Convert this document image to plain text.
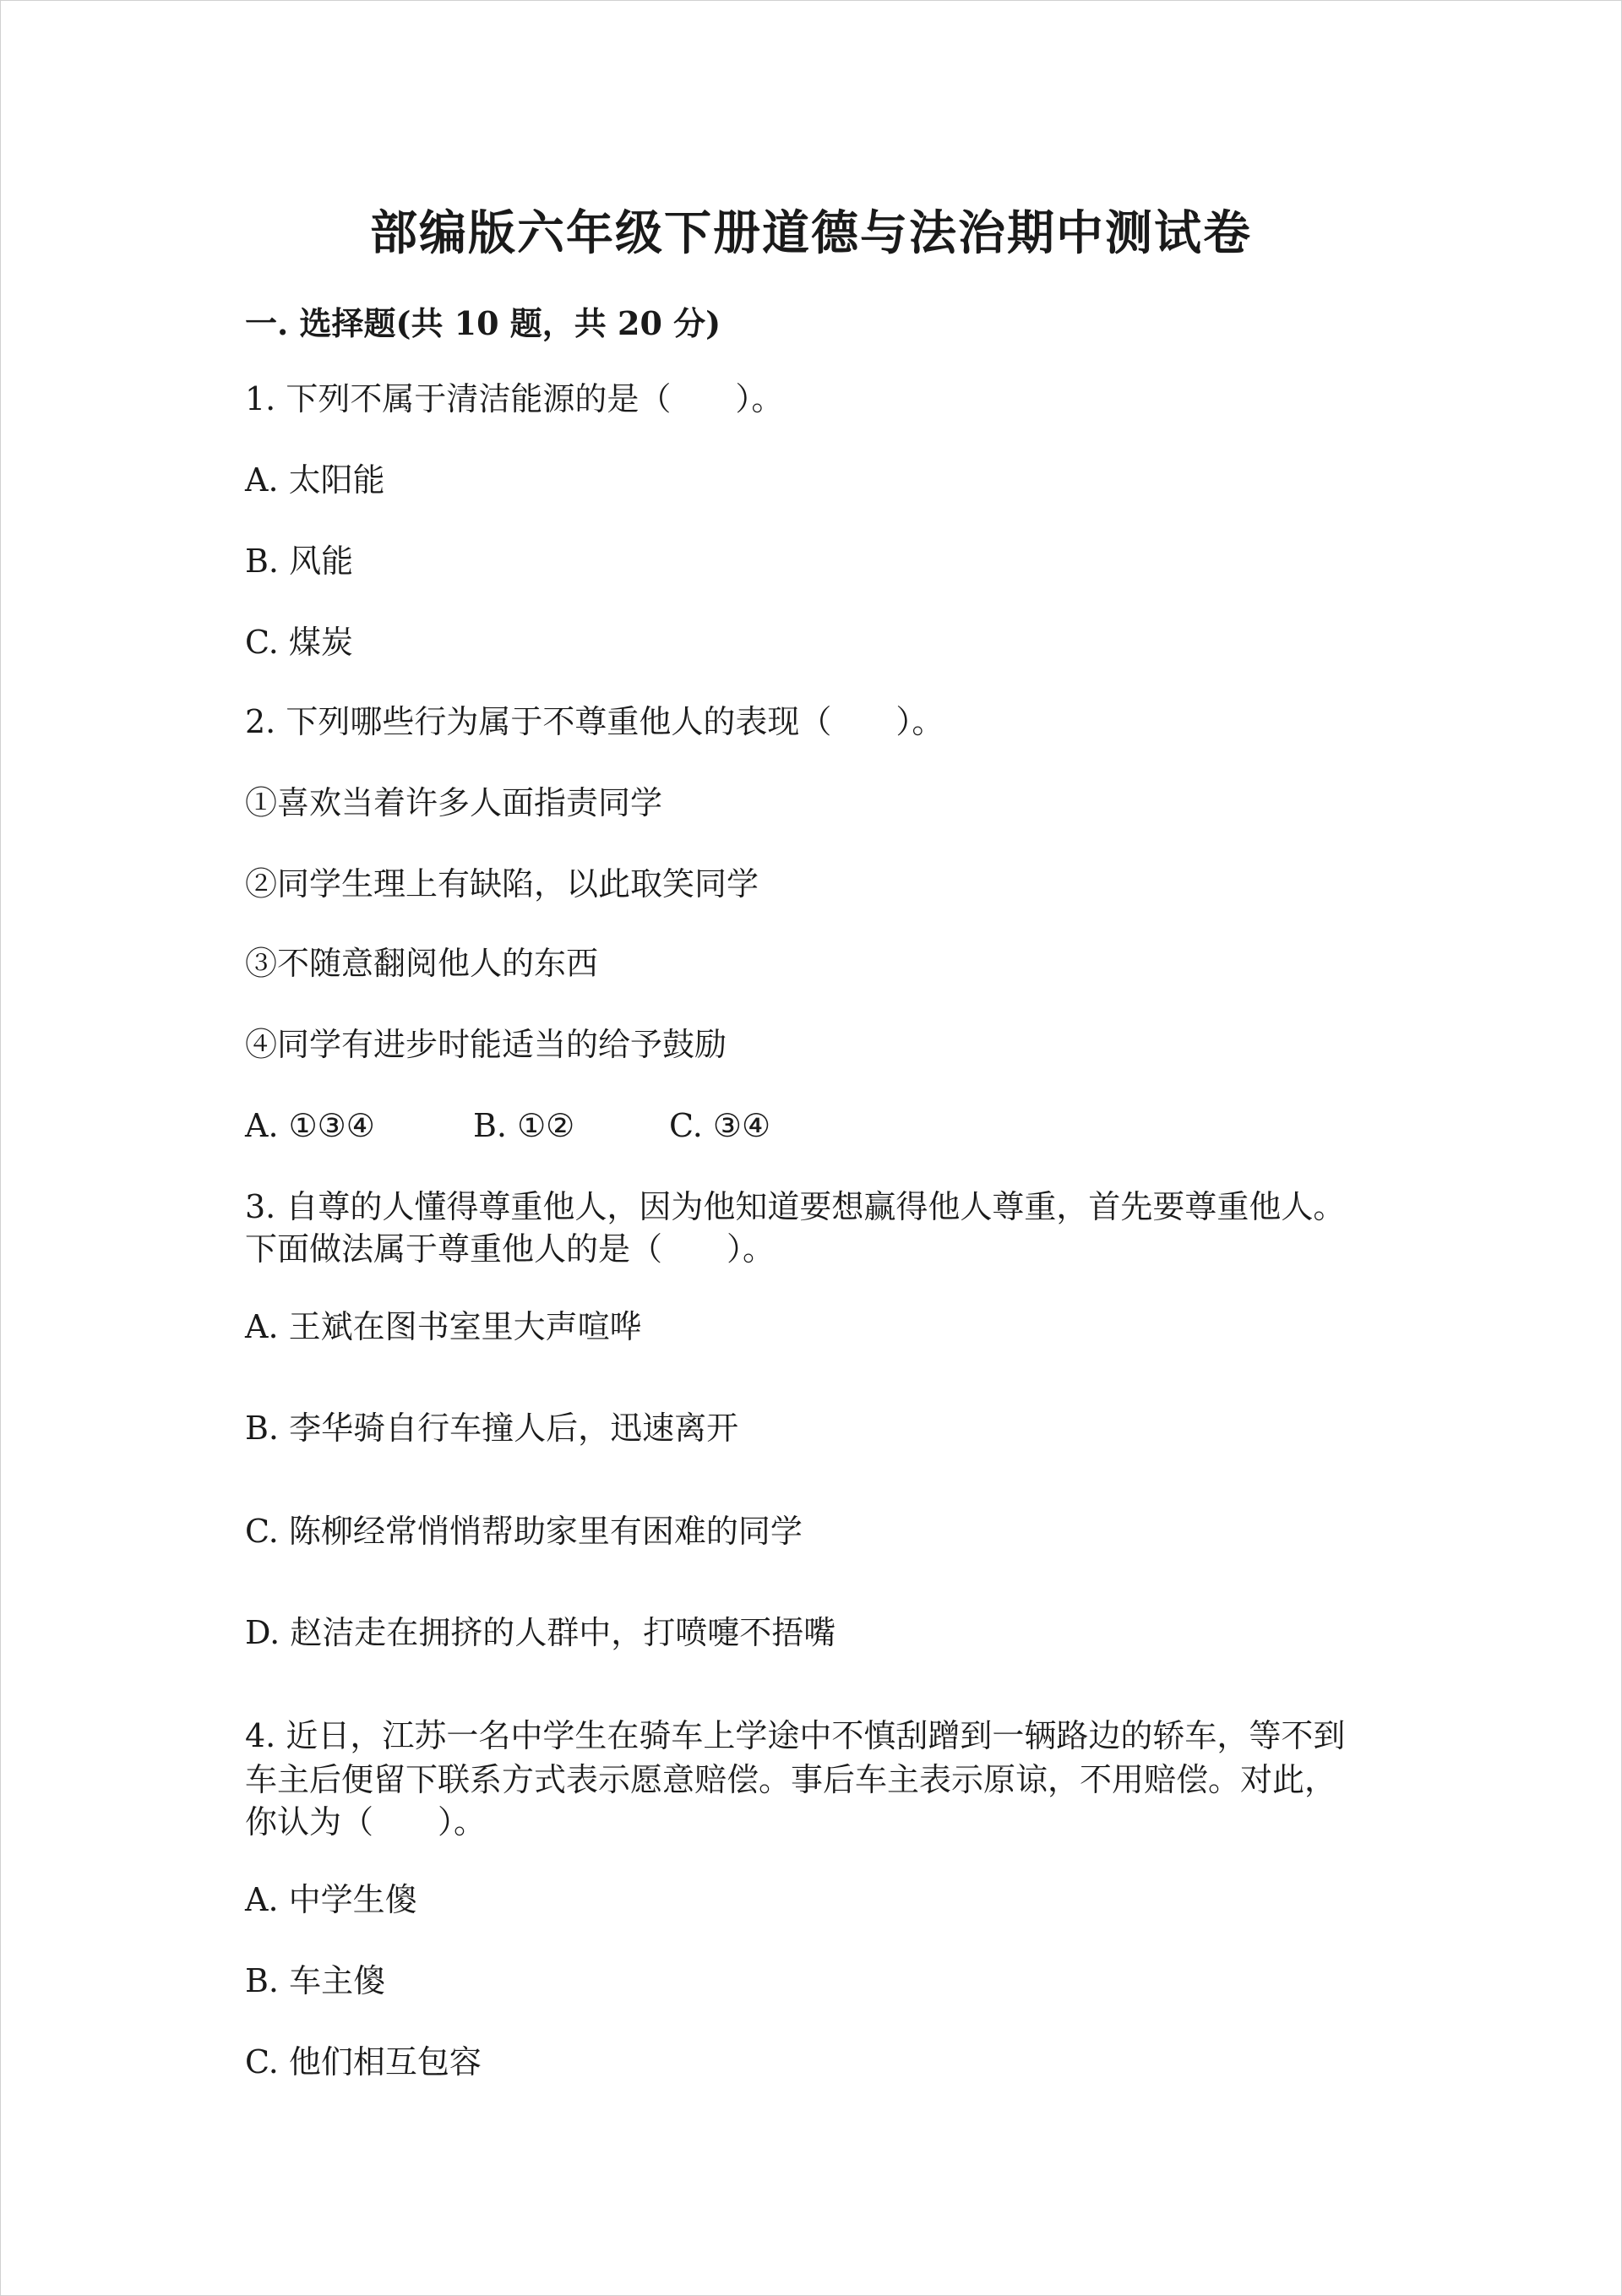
部编版六年级下册道德与法治期中测试卷
一. 选择题(共 10 题，共 20 分)

1. 下列不属于清洁能源的是（　　）。

A. 太阳能

B. 风能

C. 煤炭

2. 下列哪些行为属于不尊重他人的表现（　　）。

①喜欢当着许多人面指责同学

②同学生理上有缺陷，以此取笑同学

③不随意翻阅他人的东西

④同学有进步时能适当的给予鼓励

A. ①③④	B. ①②	C. ③④

3. 自尊的人懂得尊重他人，因为他知道要想赢得他人尊重，首先要尊重他人。

下面做法属于尊重他人的是（　　）。

A. 王斌在图书室里大声喧哗

B. 李华骑自行车撞人后，迅速离开

C. 陈柳经常悄悄帮助家里有困难的同学

D. 赵洁走在拥挤的人群中，打喷嚏不捂嘴

4. 近日，江苏一名中学生在骑车上学途中不慎刮蹭到一辆路边的轿车，等不到

车主后便留下联系方式表示愿意赔偿。事后车主表示原谅，不用赔偿。对此，

你认为（　　）。

A. 中学生傻

B. 车主傻

C. 他们相互包容
